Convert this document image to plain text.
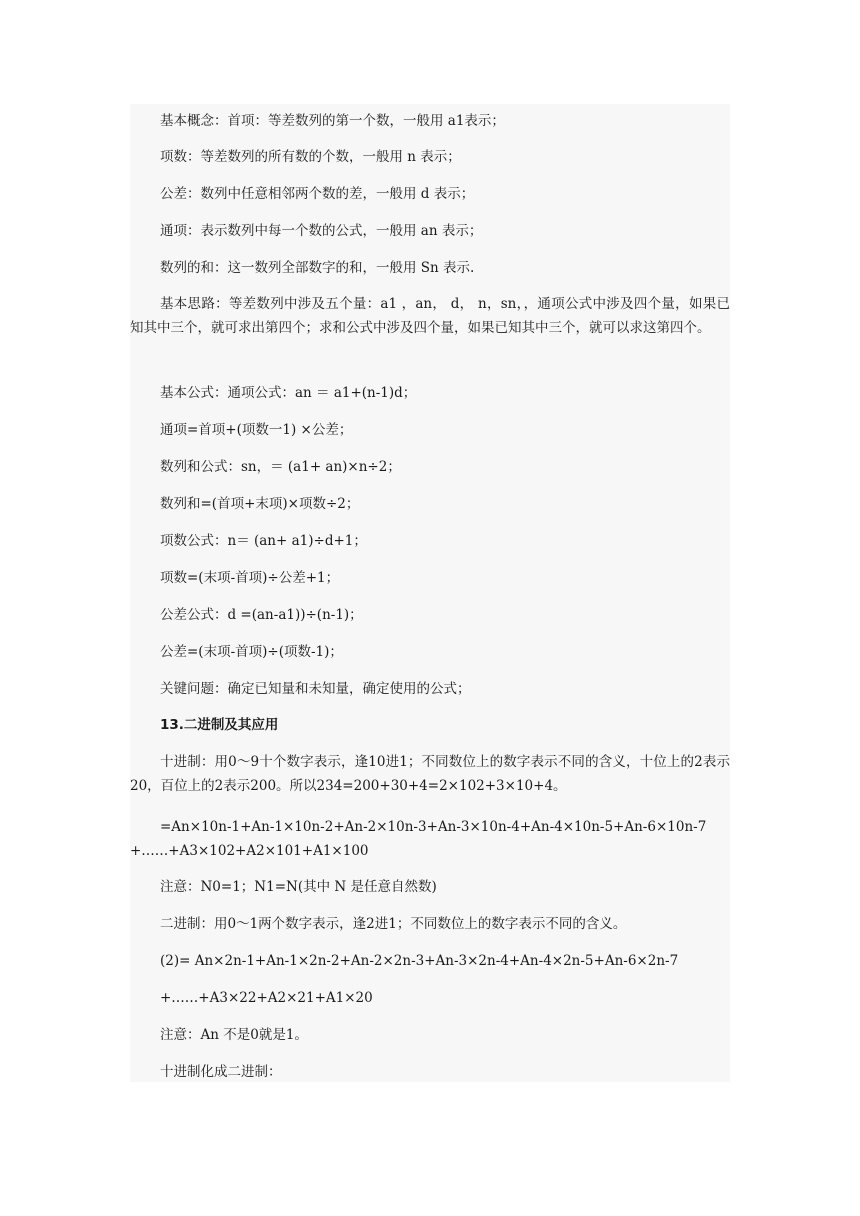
基本概念：首项：等差数列的第一个数，一般用 a1表示；

项数：等差数列的所有数的个数，一般用 n 表示；

公差：数列中任意相邻两个数的差，一般用 d 表示；

通项：表示数列中每一个数的公式，一般用 an 表示；

数列的和：这一数列全部数字的和，一般用 Sn 表示.

基本思路：等差数列中涉及五个量：a1 ，an， d， n，sn，，通项公式中涉及四个量，如果已知其中三个，就可求出第四个；求和公式中涉及四个量，如果已知其中三个，就可以求这第四个。

基本公式：通项公式：an ＝ a1+(n-1)d；

通项=首项+(项数一1) ×公差；

数列和公式：sn，＝ (a1+ an)×n÷2；

数列和=(首项+末项)×项数÷2；

项数公式：n＝ (an+ a1)÷d+1；

项数=(末项-首项)÷公差+1；

公差公式：d =(an-a1))÷(n-1)；

公差=(末项-首项)÷(项数-1)；

关键问题：确定已知量和未知量，确定使用的公式；

13.二进制及其应用

十进制：用0～9十个数字表示，逢10进1；不同数位上的数字表示不同的含义，十位上的2表示20，百位上的2表示200。所以234=200+30+4=2×102+3×10+4。

=An×10n-1+An-1×10n-2+An-2×10n-3+An-3×10n-4+An-4×10n-5+An-6×10n-7+……+A3×102+A2×101+A1×100

注意：N0=1；N1=N(其中 N 是任意自然数)

二进制：用0～1两个数字表示，逢2进1；不同数位上的数字表示不同的含义。

(2)= An×2n-1+An-1×2n-2+An-2×2n-3+An-3×2n-4+An-4×2n-5+An-6×2n-7

+……+A3×22+A2×21+A1×20

注意：An 不是0就是1。

十进制化成二进制：
